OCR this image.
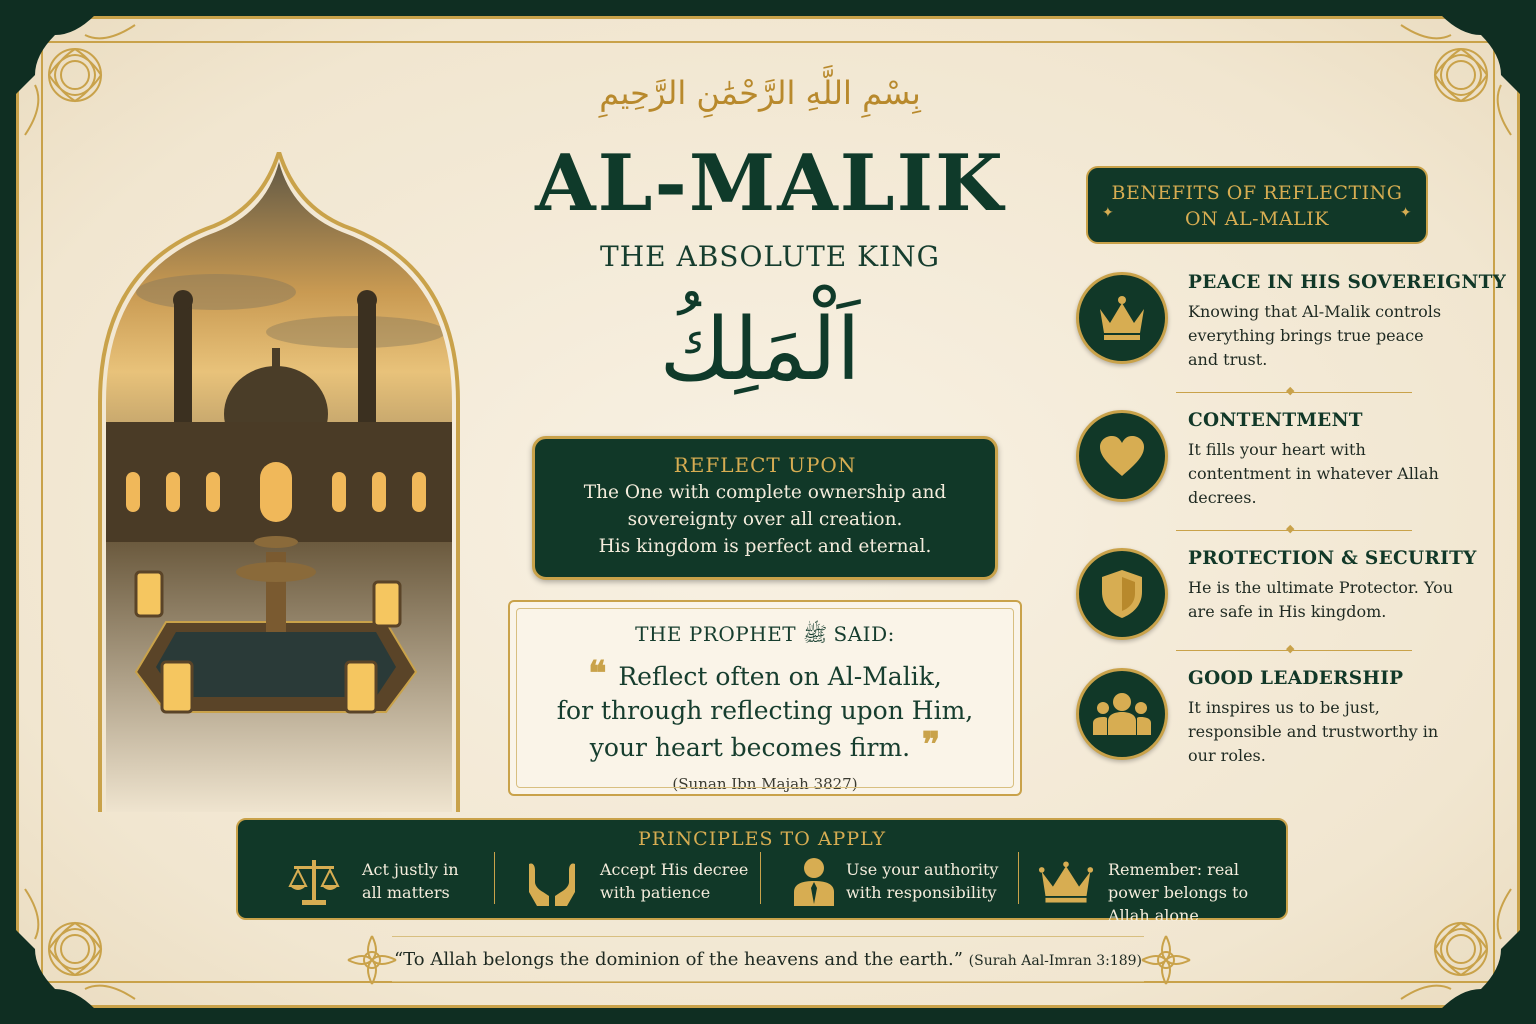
بِسْمِ اللَّهِ الرَّحْمَٰنِ الرَّحِيمِ
AL-MALIK
THE ABSOLUTE KING
اَلْمَلِكُ
REFLECT UPON
The One with complete ownership and
sovereignty over all creation.
His kingdom is perfect and eternal.
THE PROPHET ﷺ SAID:
❝ Reflect often on Al-Malik,
for through reflecting upon Him,
your heart becomes firm. ❞
(Sunan Ibn Majah 3827)
✦
BENEFITS OF REFLECTING
ON AL-MALIK	✦
PEACE IN HIS SOVEREIGNTY
Knowing that Al-Malik controls everything brings true peace and trust.
◆
CONTENTMENT
It fills your heart with contentment in whatever Allah decrees.
◆
PROTECTION & SECURITY
He is the ultimate Protector. You are safe in His kingdom.
◆
GOOD LEADERSHIP
It inspires us to be just, responsible and trustworthy in our roles.
PRINCIPLES TO APPLY
Act justly in all matters
Accept His decree with patience
Use your authority with responsibility
Remember: real power belongs to Allah alone
“To Allah belongs the dominion of the heavens and the earth.” (Surah Aal-Imran 3:189)
